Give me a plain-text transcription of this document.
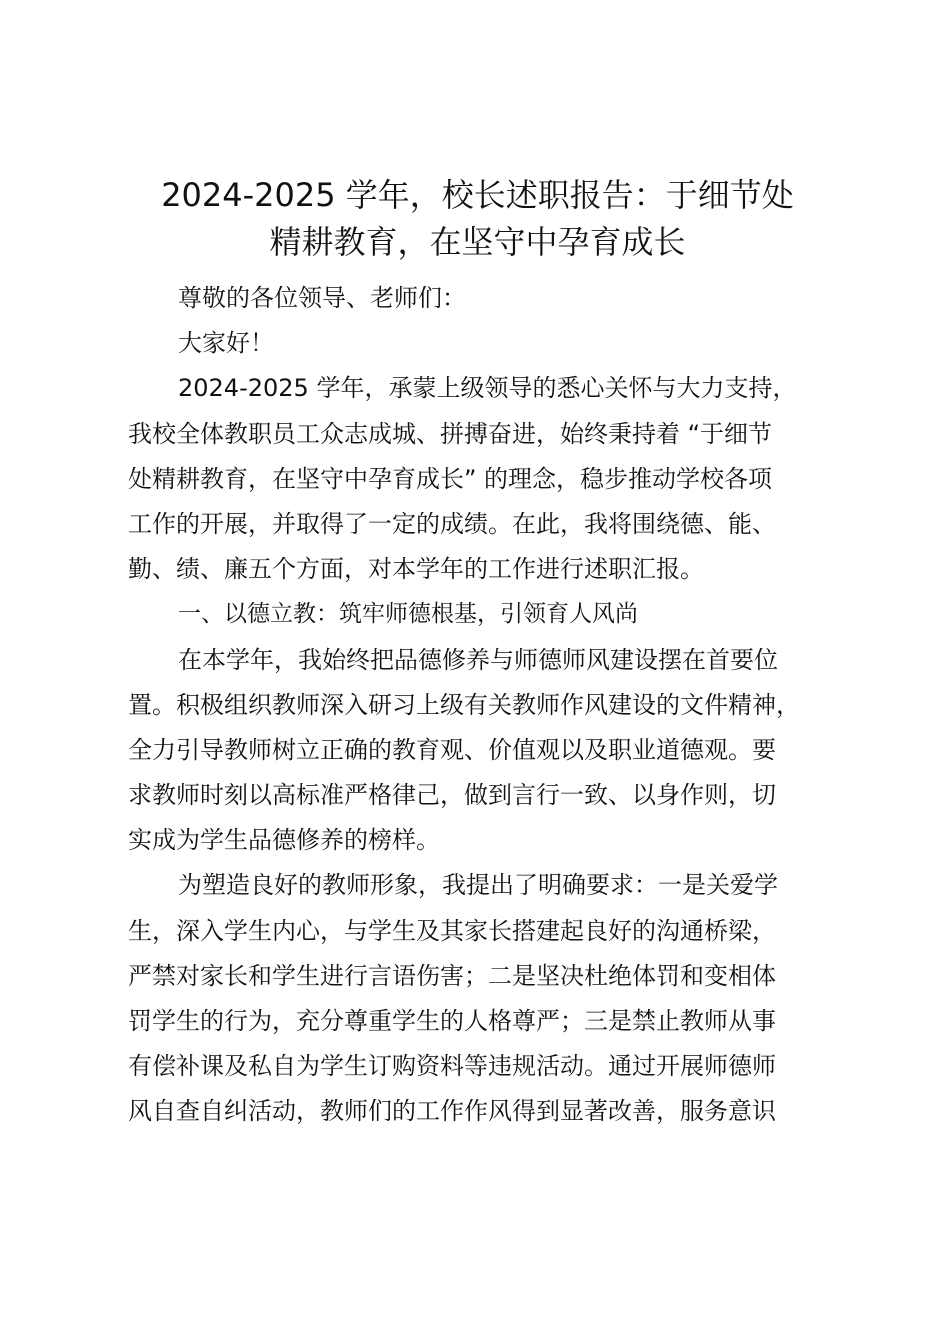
2024-2025 学年，校长述职报告：于细节处
精耕教育，在坚守中孕育成长
尊敬的各位领导、老师们：
大家好！
2024-2025 学年，承蒙上级领导的悉心关怀与大力支持，
我校全体教职员工众志成城、拼搏奋进，始终秉持着 “于细节
处精耕教育，在坚守中孕育成长” 的理念，稳步推动学校各项
工作的开展，并取得了一定的成绩。在此，我将围绕德、能、
勤、绩、廉五个方面，对本学年的工作进行述职汇报。
一、以德立教：筑牢师德根基，引领育人风尚
在本学年，我始终把品德修养与师德师风建设摆在首要位
置。积极组织教师深入研习上级有关教师作风建设的文件精神，
全力引导教师树立正确的教育观、价值观以及职业道德观。要
求教师时刻以高标准严格律己，做到言行一致、以身作则，切
实成为学生品德修养的榜样。
为塑造良好的教师形象，我提出了明确要求：一是关爱学
生，深入学生内心，与学生及其家长搭建起良好的沟通桥梁，
严禁对家长和学生进行言语伤害；二是坚决杜绝体罚和变相体
罚学生的行为，充分尊重学生的人格尊严；三是禁止教师从事
有偿补课及私自为学生订购资料等违规活动。通过开展师德师
风自查自纠活动，教师们的工作作风得到显著改善，服务意识
